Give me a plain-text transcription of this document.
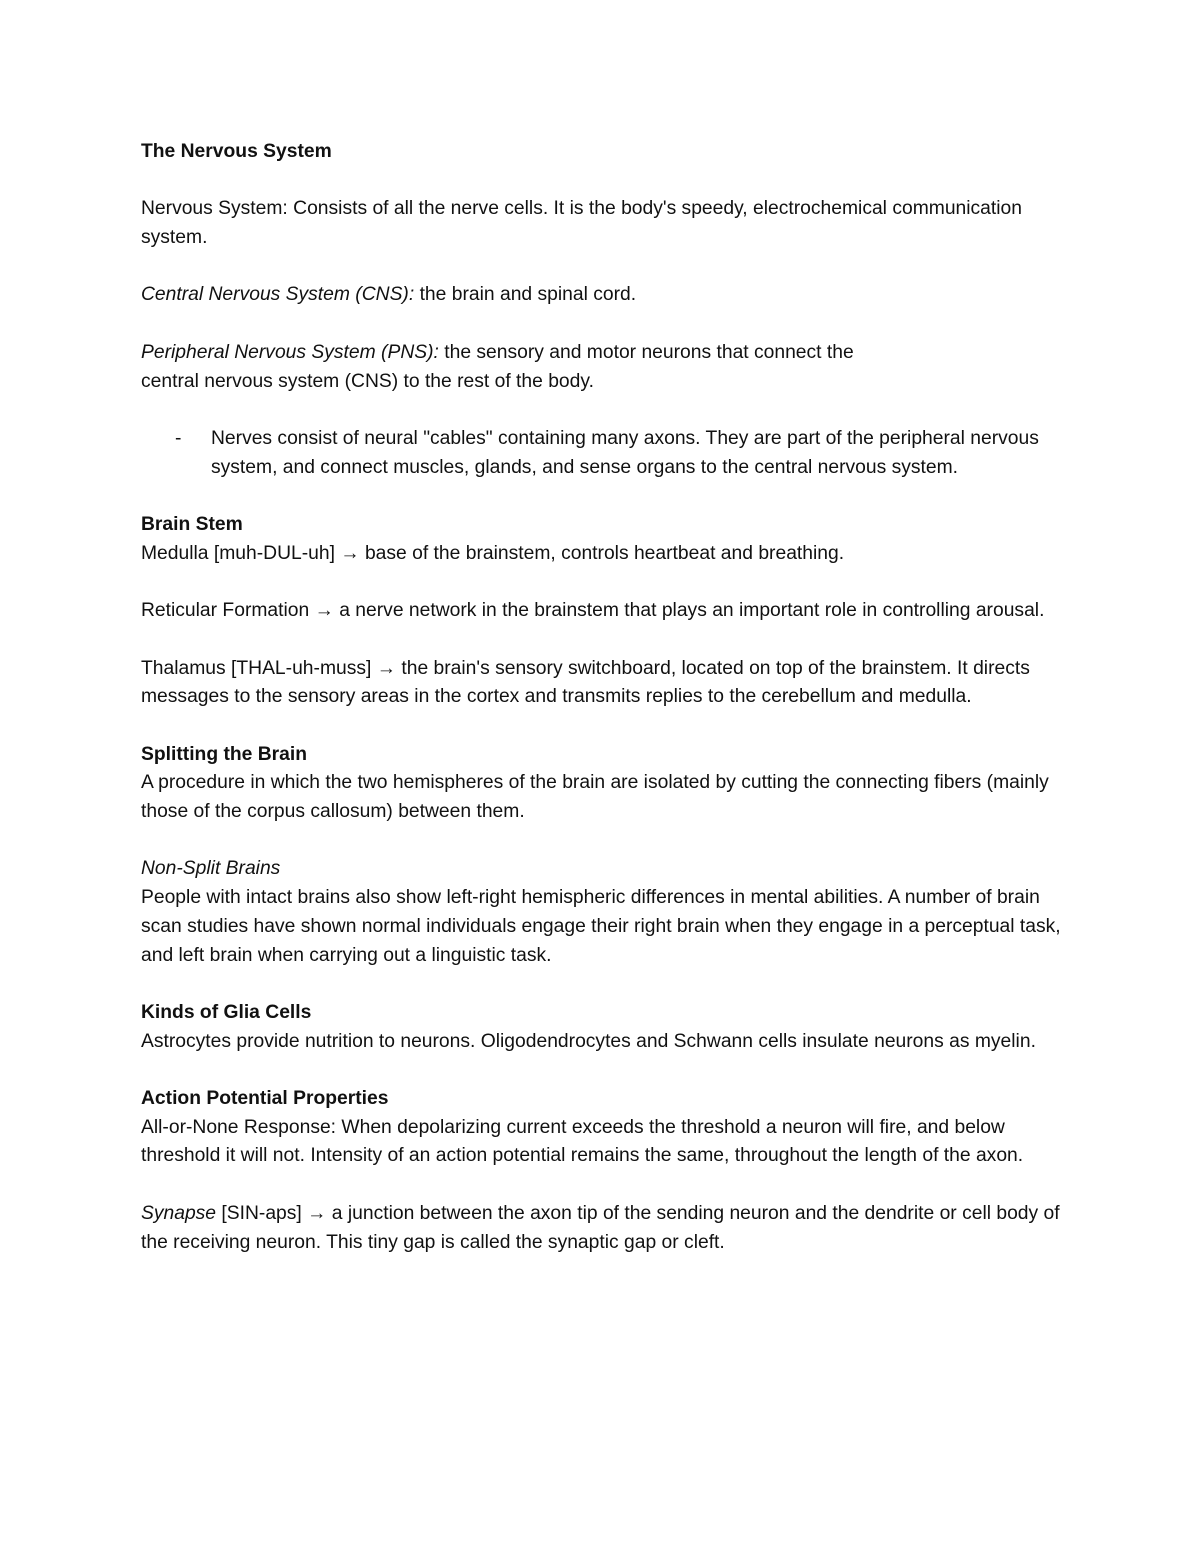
The Nervous System

Nervous System: Consists of all the nerve cells. It is the body's speedy, electrochemical communication system.

Central Nervous System (CNS): the brain and spinal cord.

Peripheral Nervous System (PNS): the sensory and motor neurons that connect the
central nervous system (CNS) to the rest of the body.

- Nerves consist of neural "cables" containing many axons. They are part of the peripheral nervous system, and connect muscles, glands, and sense organs to the central nervous system.

Brain Stem
Medulla [muh-DUL-uh] → base of the brainstem, controls heartbeat and breathing.

Reticular Formation → a nerve network in the brainstem that plays an important role in controlling arousal.

Thalamus [THAL-uh-muss] → the brain's sensory switchboard, located on top of the brainstem. It directs messages to the sensory areas in the cortex and transmits replies to the cerebellum and medulla.

Splitting the Brain
A procedure in which the two hemispheres of the brain are isolated by cutting the connecting fibers (mainly those of the corpus callosum) between them.

Non-Split Brains
People with intact brains also show left-right hemispheric differences in mental abilities. A number of brain scan studies have shown normal individuals engage their right brain when they engage in a perceptual task, and left brain when carrying out a linguistic task.

Kinds of Glia Cells
Astrocytes provide nutrition to neurons. Oligodendrocytes and Schwann cells insulate neurons as myelin.

Action Potential Properties
All-or-None Response: When depolarizing current exceeds the threshold a neuron will fire, and below threshold it will not. Intensity of an action potential remains the same, throughout the length of the axon.

Synapse [SIN-aps] → a junction between the axon tip of the sending neuron and the dendrite or cell body of the receiving neuron. This tiny gap is called the synaptic gap or cleft.
